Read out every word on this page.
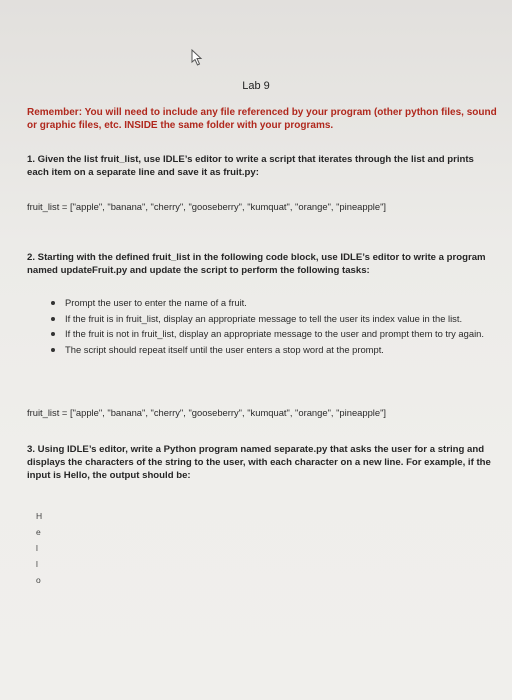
Lab 9
Remember: You will need to include any file referenced by your program (other python files, sound or graphic files, etc. INSIDE the same folder with your programs.
1. Given the list fruit_list, use IDLE’s editor to write a script that iterates through the list and prints each item on a separate line and save it as fruit.py:
fruit_list = ["apple", "banana", "cherry", "gooseberry", "kumquat", "orange", "pineapple"]
2. Starting with the defined fruit_list in the following code block, use IDLE’s editor to write a program named updateFruit.py and update the script to perform the following tasks:
Prompt the user to enter the name of a fruit.
If the fruit is in fruit_list, display an appropriate message to tell the user its index value in the list.
If the fruit is not in fruit_list, display an appropriate message to the user and prompt them to try again.
The script should repeat itself until the user enters a stop word at the prompt.
fruit_list = ["apple", "banana", "cherry", "gooseberry", "kumquat", "orange", "pineapple"]
3. Using IDLE’s editor, write a Python program named separate.py that asks the user for a string and displays the characters of the string to the user, with each character on a new line. For example, if the input is Hello, the output should be:
H
e
l
l
o
